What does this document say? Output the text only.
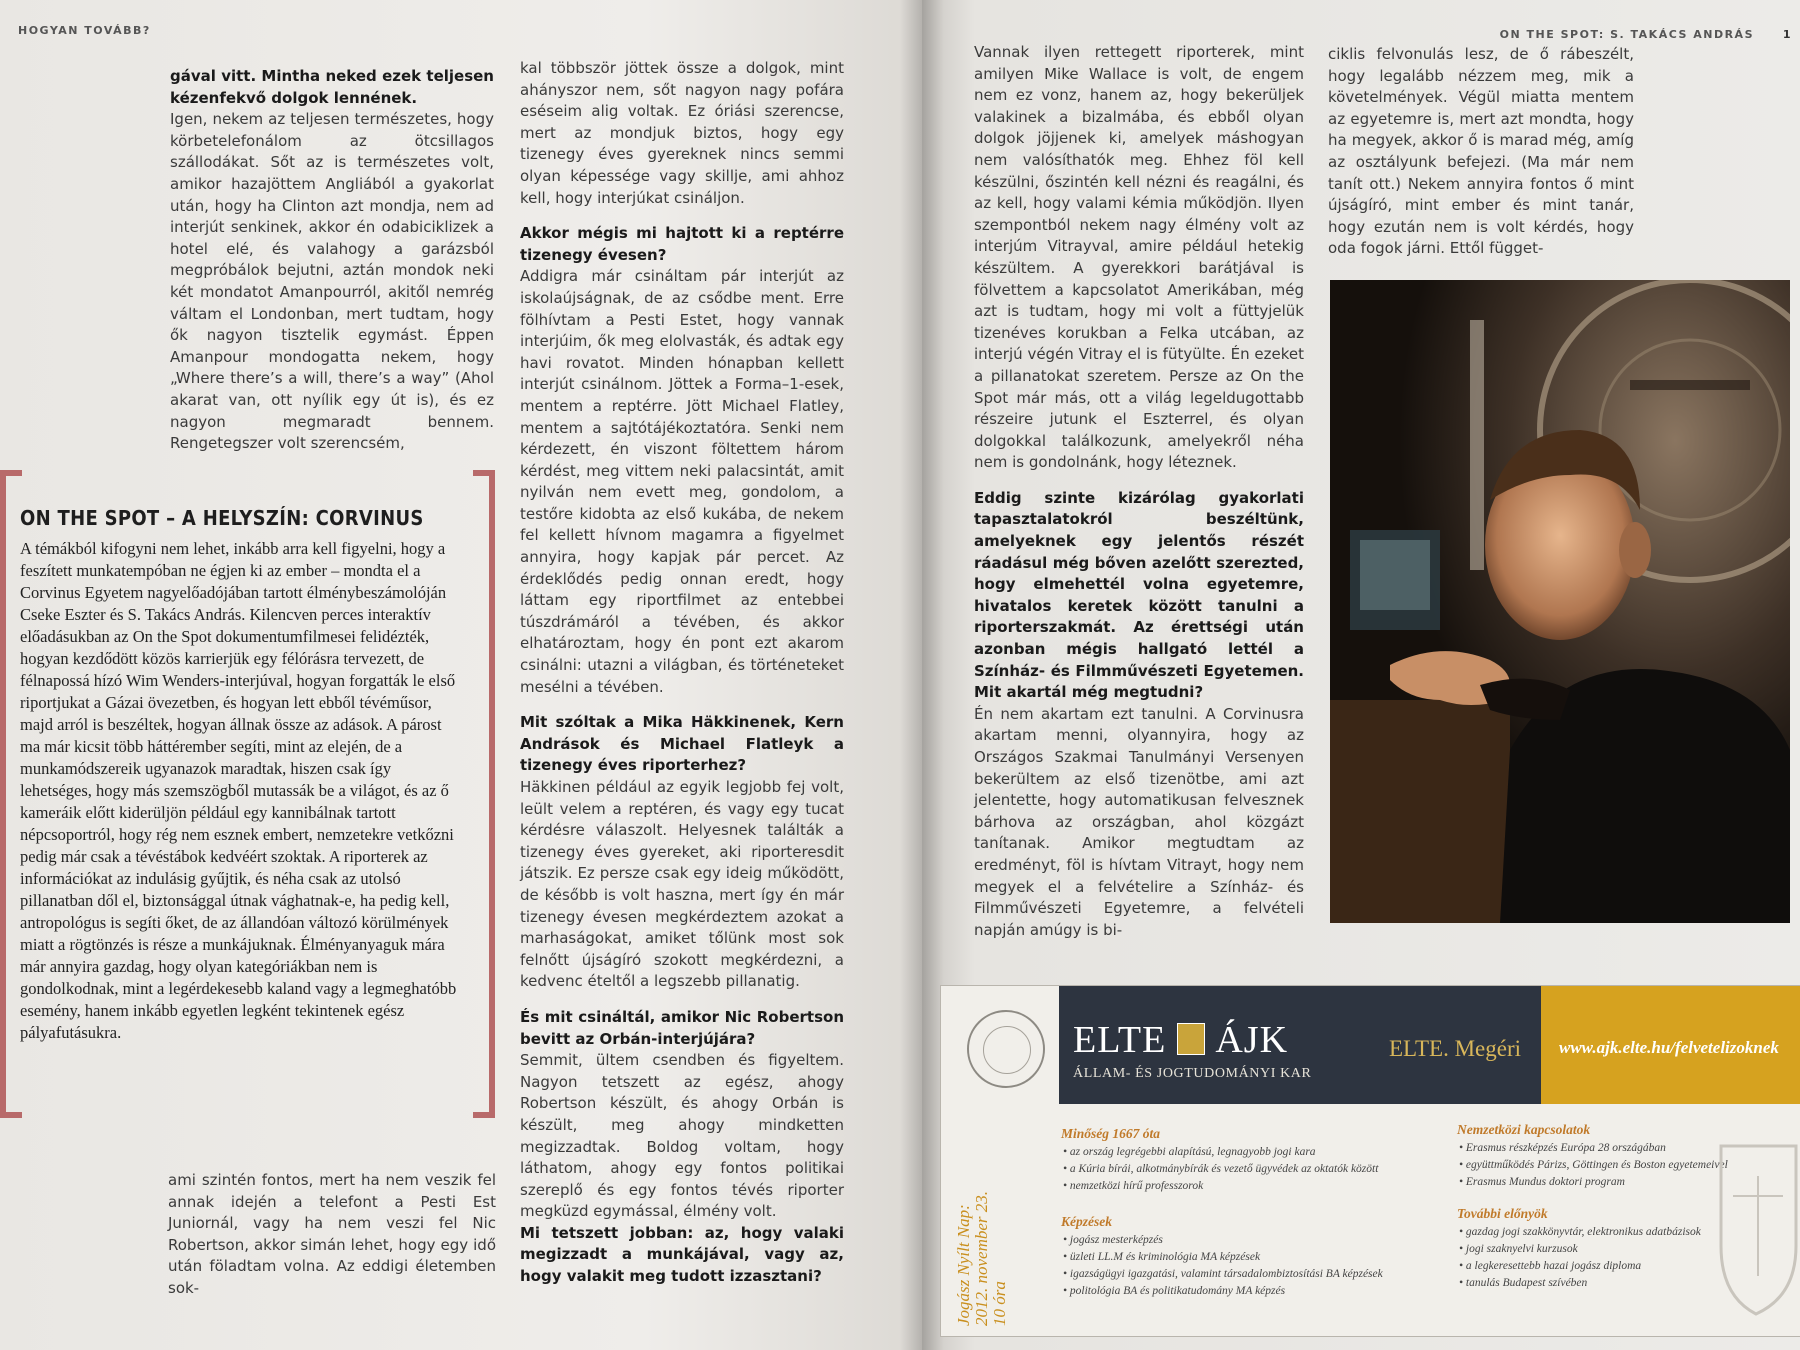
HOGYAN TOVÁBB?
gával vitt. Mintha neked ezek teljesen kézenfekvő dolgok lennének.
Igen, nekem az teljesen természetes, hogy körbetelefonálom az ötcsillagos szállodákat. Sőt az is természetes volt, amikor hazajöttem Angliából a gyakorlat után, hogy ha Clinton azt mondja, nem ad interjút senkinek, akkor én odabiciklizek a hotel elé, és valahogy a garázsból megpróbálok bejutni, aztán mondok neki két mondatot Amanpourról, akitől nemrég váltam el Londonban, mert tudtam, hogy ők nagyon tisztelik egymást. Éppen Amanpour mondogatta nekem, hogy „Where there’s a will, there’s a way” (Ahol akarat van, ott nyílik egy út is), és ez nagyon megmaradt bennem. Rengetegszer volt szerencsém,
ON THE SPOT – A HELYSZÍN: CORVINUS
A témákból kifogyni nem lehet, inkább arra kell figyelni, hogy a feszített munkatempóban ne égjen ki az ember – mondta el a Corvinus Egyetem nagyelőadójában tartott élménybeszámolóján Cseke Eszter és S. Takács András. Kilencven perces interaktív előadásukban az On the Spot dokumentumfilmesei felidézték, hogyan kezdődött közös karrierjük egy félórásra tervezett, de félnapossá hízó Wim Wenders-interjúval, hogyan forgatták le első riportjukat a Gázai övezetben, és hogyan lett ebből tévéműsor, majd arról is beszéltek, hogyan állnak össze az adások. A párost ma már kicsit több háttérember segíti, mint az elején, de a munkamódszereik ugyanazok maradtak, hiszen csak így lehetséges, hogy más szemszögből mutassák be a világot, és az ő kameráik előtt kiderüljön például egy kannibálnak tartott népcsoportról, hogy rég nem esznek embert, nemzetekre vetkőzni pedig már csak a tévéstábok kedvéért szoktak. A riporterek az információkat az indulásig gyűjtik, és néha csak az utolsó pillanatban dől el, biztonsággal útnak vághatnak-e, ha pedig kell, antropológus is segíti őket, de az állandóan változó körülmények miatt a rögtönzés is része a munkájuknak. Élményanyaguk mára már annyira gazdag, hogy olyan kategóriákban nem is gondolkodnak, mint a legérdekesebb kaland vagy a legmeghatóbb esemény, hanem inkább egyetlen legként tekintenek egész pályafutásukra.
ami szintén fontos, mert ha nem veszik fel annak idején a telefont a Pesti Est Juniornál, vagy ha nem veszi fel Nic Robertson, akkor simán lehet, hogy egy idő után föladtam volna. Az eddigi életemben sok-

kal többször jöttek össze a dolgok, mint ahányszor nem, sőt nagyon nagy pofára eséseim alig voltak. Ez óriási szerencse, mert az mondjuk biztos, hogy egy tizenegy éves gyereknek nincs semmi olyan képessége vagy skillje, ami ahhoz kell, hogy interjúkat csináljon.

Akkor mégis mi hajtott ki a reptérre tizenegy évesen?
Addigra már csináltam pár interjút az iskolaújságnak, de az csődbe ment. Erre fölhívtam a Pesti Estet, hogy vannak interjúim, ők meg elolvasták, és adtak egy havi rovatot. Minden hónapban kellett interjút csinálnom. Jöttek a Forma–1-esek, mentem a reptérre. Jött Michael Flatley, mentem a sajtótájékoztatóra. Senki nem kérdezett, én viszont föltettem három kérdést, meg vittem neki palacsintát, amit nyilván nem evett meg, gondolom, a testőre kidobta az első kukába, de nekem fel kellett hívnom magamra a figyelmet annyira, hogy kapjak pár percet. Az érdeklődés pedig onnan eredt, hogy láttam egy riportfilmet az entebbei túszdrámáról a tévében, és akkor elhatároztam, hogy én pont ezt akarom csinálni: utazni a világban, és történeteket mesélni a tévében.

Mit szóltak a Mika Häkkinenek, Kern Andrások és Michael Flatleyk a tizenegy éves riporterhez?
Häkkinen például az egyik legjobb fej volt, leült velem a reptéren, és vagy egy tucat kérdésre válaszolt. Helyesnek találták a tizenegy éves gyereket, aki riporteresdit játszik. Ez persze csak egy ideig működött, de később is volt haszna, mert így én már tizenegy évesen megkérdeztem azokat a marhaságokat, amiket tőlünk most sok felnőtt újságíró szokott megkérdezni, a kedvenc ételtől a legszebb pillanatig.

És mit csináltál, amikor Nic Robertson bevitt az Orbán-interjújára?
Semmit, ültem csendben és figyeltem. Nagyon tetszett az egész, ahogy Robertson készült, és ahogy Orbán is készült, meg ahogy mindketten megizzadtak. Boldog voltam, hogy láthatom, ahogy egy fontos politikai szereplő és egy fontos tévés riporter megküzd egymással, élmény volt.
Mi tetszett jobban: az, hogy valaki megizzadt a munkájával, vagy az, hogy valakit meg tudott izzasztani?

ON THE SPOT: S. TAKÁCS ANDRÁS	1

Vannak ilyen rettegett riporterek, mint amilyen Mike Wallace is volt, de engem nem ez vonz, hanem az, hogy bekerüljek valakinek a bizalmába, és ebből olyan dolgok jöjjenek ki, amelyek máshogyan nem valósíthatók meg. Ehhez föl kell készülni, őszintén kell nézni és reagálni, és az kell, hogy valami kémia működjön. Ilyen szempontból nekem nagy élmény volt az interjúm Vitrayval, amire például hetekig készültem. A gyerekkori barátjával is fölvettem a kapcsolatot Amerikában, még azt is tudtam, hogy mi volt a füttyjelük tizenéves korukban a Felka utcában, az interjú végén Vitray el is fütyülte. Én ezeket a pillanatokat szeretem. Persze az On the Spot már más, ott a világ legeldugottabb részeire jutunk el Eszterrel, és olyan dolgokkal találkozunk, amelyekről néha nem is gondolnánk, hogy léteznek.

Eddig szinte kizárólag gyakorlati tapasztalatokról beszéltünk, amelyeknek egy jelentős részét ráadásul még bőven azelőtt szerezted, hogy elmehettél volna egyetemre, hivatalos keretek között tanulni a riporterszakmát. Az érettségi után azonban mégis hallgató lettél a Színház- és Filmművészeti Egyetemen. Mit akartál még megtudni?
Én nem akartam ezt tanulni. A Corvinusra akartam menni, olyannyira, hogy az Országos Szakmai Tanulmányi Versenyen bekerültem az első tizenötbe, ami azt jelentette, hogy automatikusan felvesznek bárhova az országban, ahol közgázt tanítanak. Amikor megtudtam az eredményt, föl is hívtam Vitrayt, hogy nem megyek el a felvételire a Színház- és Filmművészeti Egyetemre, a felvételi napján amúgy is bi-

ciklis felvonulás lesz, de ő rábeszélt, hogy legalább nézzem meg, mik a követelmények. Végül miatta mentem az egyetemre is, mert azt mondta, hogy ha megyek, akkor ő is marad még, amíg az osztályunk befejezi. (Ma már nem tanít ott.) Nekem annyira fontos ő mint újságíró, mint ember és mint tanár, hogy ezután nem is volt kérdés, hogy oda fogok járni. Ettől függet-
ELTE ÁJK
ÁLLAM- ÉS JOGTUDOMÁNYI KAR
ELTE. Megéri www.ajk.elte.hu/felvetelizoknek
Jogász Nyílt Nap: 2012. november 23. 10 óra
Minőség 1667 óta
• az ország legrégebbi alapítású, legnagyobb jogi kara
• a Kúria bírái, alkotmánybírák és vezető ügyvédek az oktatók között
• nemzetközi hírű professzorok
Képzések
• jogász mesterképzés
• üzleti LL.M és kriminológia MA képzések
• igazságügyi igazgatási, valamint társadalombiztosítási BA képzések
• politológia BA és politikatudomány MA képzés
Nemzetközi kapcsolatok
• Erasmus részképzés Európa 28 országában
• együttműködés Párizs, Göttingen és Boston egyetemeivel
• Erasmus Mundus doktori program
További előnyök
• gazdag jogi szakkönyvtár, elektronikus adatbázisok
• jogi szaknyelvi kurzusok
• a legkeresettebb hazai jogász diploma
• tanulás Budapest szívében
